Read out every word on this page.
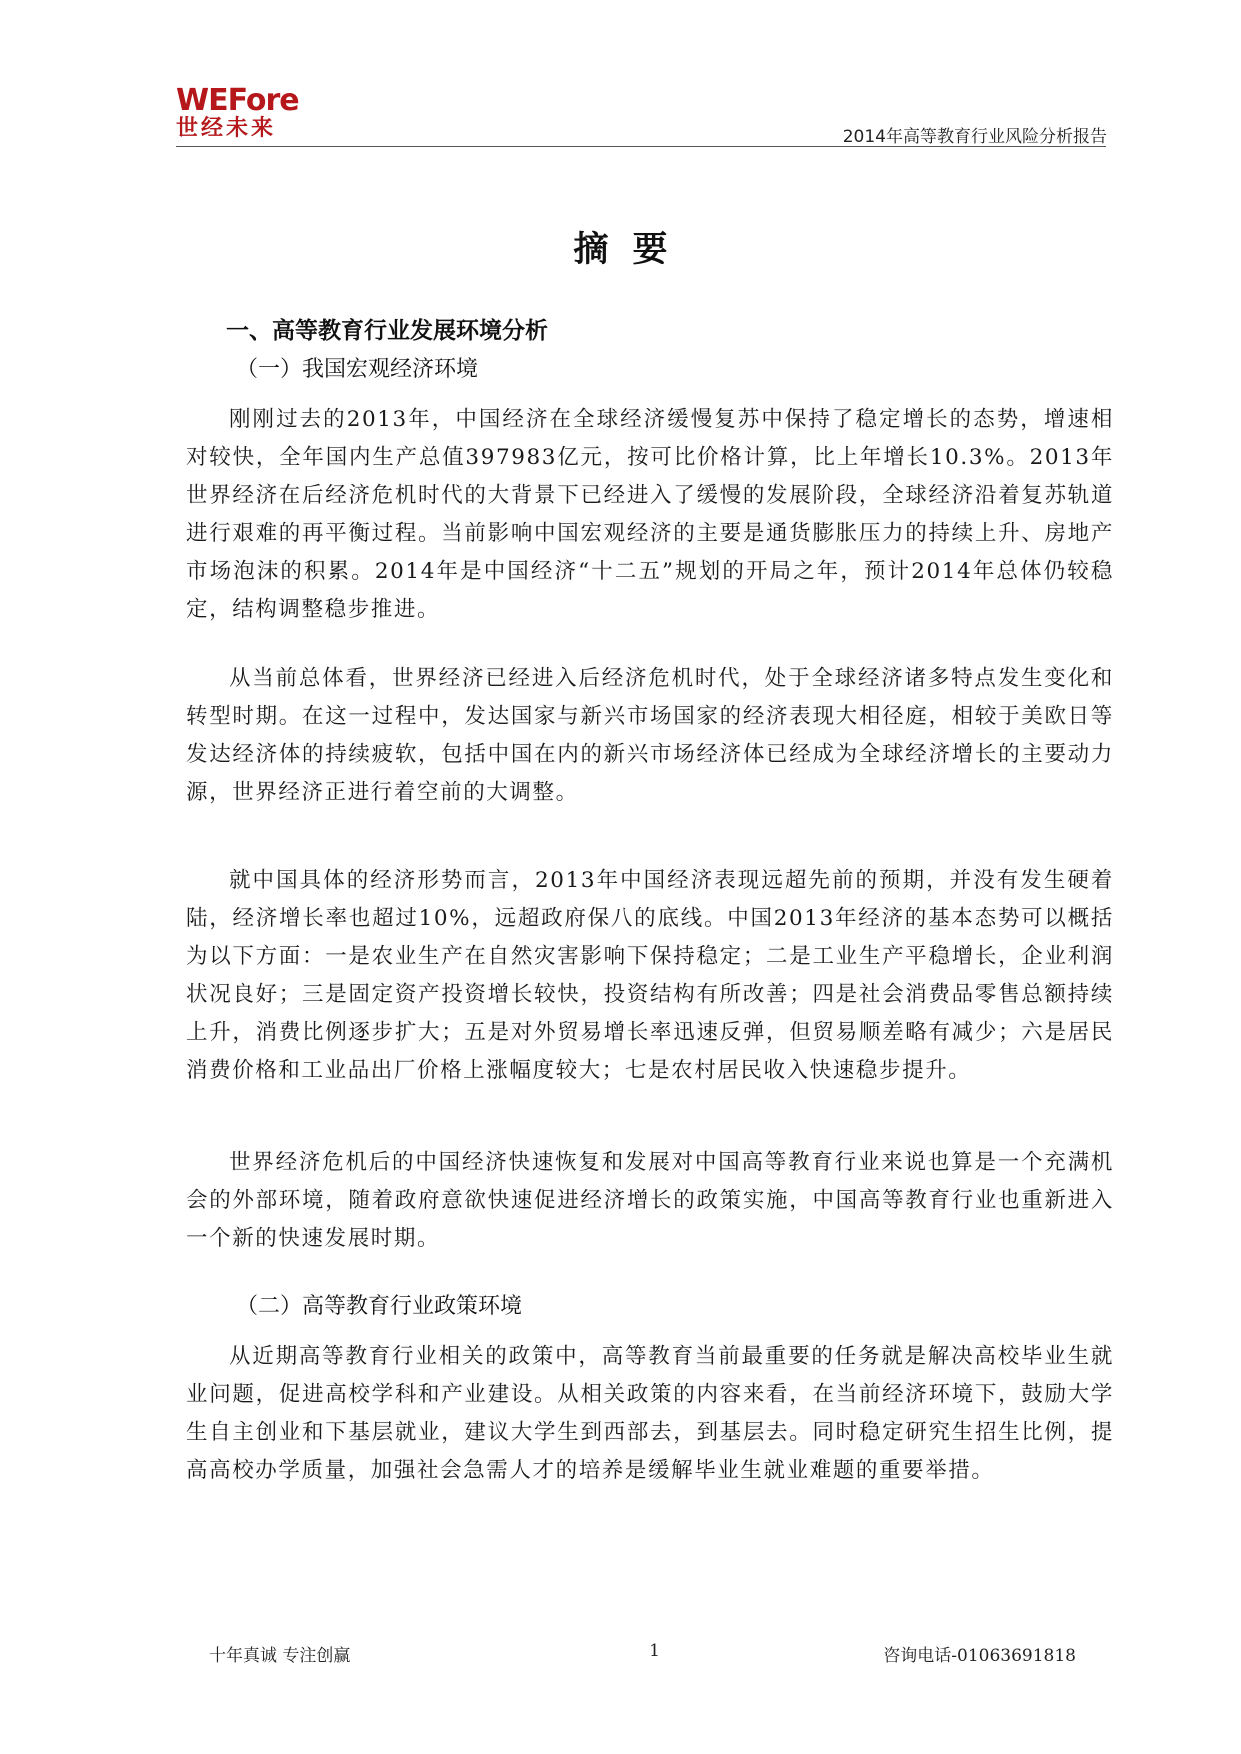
WEFore
世经未来	2014年高等教育行业风险分析报告
摘要
一、高等教育行业发展环境分析
（一）我国宏观经济环境

刚刚过去的2013年，中国经济在全球经济缓慢复苏中保持了稳定增长的态势，增速相对较快，全年国内生产总值397983亿元，按可比价格计算，比上年增长10.3%。2013年世界经济在后经济危机时代的大背景下已经进入了缓慢的发展阶段，全球经济沿着复苏轨道进行艰难的再平衡过程。当前影响中国宏观经济的主要是通货膨胀压力的持续上升、房地产市场泡沫的积累。2014年是中国经济“十二五”规划的开局之年，预计2014年总体仍较稳定，结构调整稳步推进。

从当前总体看，世界经济已经进入后经济危机时代，处于全球经济诸多特点发生变化和转型时期。在这一过程中，发达国家与新兴市场国家的经济表现大相径庭，相较于美欧日等发达经济体的持续疲软，包括中国在内的新兴市场经济体已经成为全球经济增长的主要动力源，世界经济正进行着空前的大调整。

就中国具体的经济形势而言，2013年中国经济表现远超先前的预期，并没有发生硬着陆，经济增长率也超过10%，远超政府保八的底线。中国2013年经济的基本态势可以概括为以下方面：一是农业生产在自然灾害影响下保持稳定；二是工业生产平稳增长，企业利润状况良好；三是固定资产投资增长较快，投资结构有所改善；四是社会消费品零售总额持续上升，消费比例逐步扩大；五是对外贸易增长率迅速反弹，但贸易顺差略有减少；六是居民消费价格和工业品出厂价格上涨幅度较大；七是农村居民收入快速稳步提升。

世界经济危机后的中国经济快速恢复和发展对中国高等教育行业来说也算是一个充满机会的外部环境，随着政府意欲快速促进经济增长的政策实施，中国高等教育行业也重新进入一个新的快速发展时期。

（二）高等教育行业政策环境

从近期高等教育行业相关的政策中，高等教育当前最重要的任务就是解决高校毕业生就业问题，促进高校学科和产业建设。从相关政策的内容来看，在当前经济环境下，鼓励大学生自主创业和下基层就业，建议大学生到西部去，到基层去。同时稳定研究生招生比例，提高高校办学质量，加强社会急需人才的培养是缓解毕业生就业难题的重要举措。

十年真诚 专注创赢	1	咨询电话-01063691818
